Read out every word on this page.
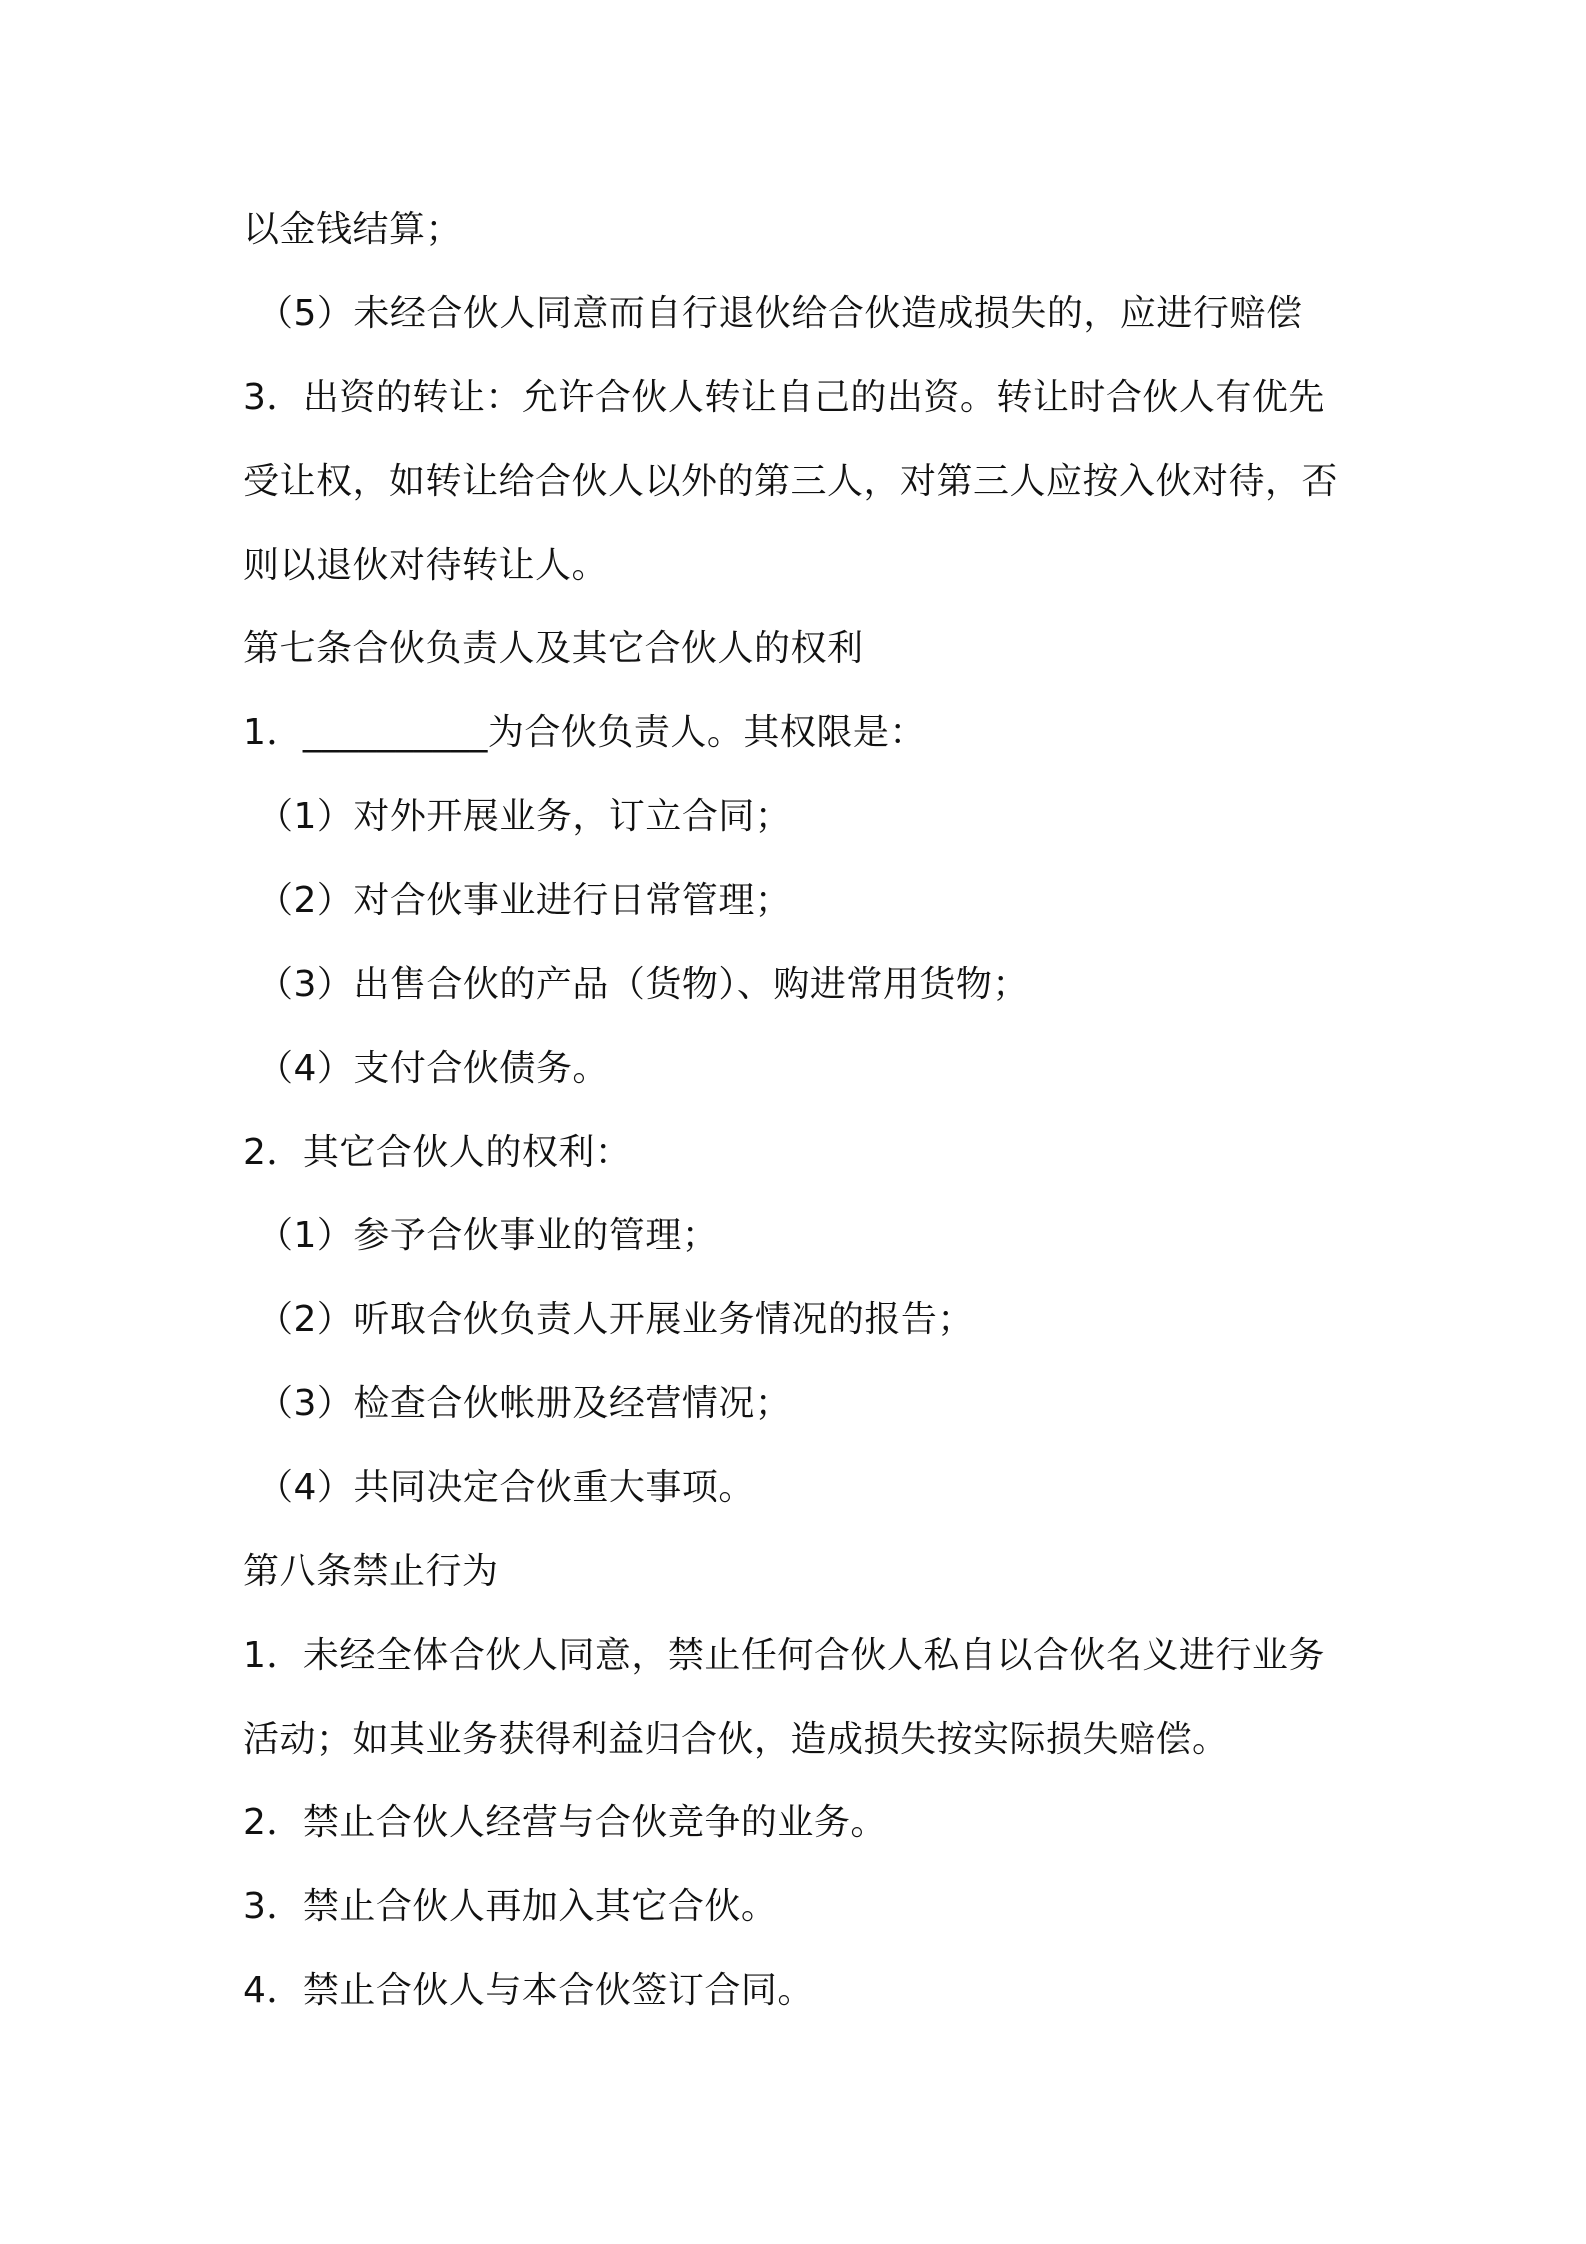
以金钱结算；
（5）未经合伙人同意而自行退伙给合伙造成损失的，应进行赔偿
3．出资的转让：允许合伙人转让自己的出资。转让时合伙人有优先
受让权，如转让给合伙人以外的第三人，对第三人应按入伙对待，否
则以退伙对待转让人。
第七条合伙负责人及其它合伙人的权利
1．__________为合伙负责人。其权限是：
（1）对外开展业务，订立合同；
（2）对合伙事业进行日常管理；
（3）出售合伙的产品（货物）、购进常用货物；
（4）支付合伙债务。
2．其它合伙人的权利：
（1）参予合伙事业的管理；
（2）听取合伙负责人开展业务情况的报告；
（3）检查合伙帐册及经营情况；
（4）共同决定合伙重大事项。
第八条禁止行为
1．未经全体合伙人同意，禁止任何合伙人私自以合伙名义进行业务
活动；如其业务获得利益归合伙，造成损失按实际损失赔偿。
2．禁止合伙人经营与合伙竞争的业务。
3．禁止合伙人再加入其它合伙。
4．禁止合伙人与本合伙签订合同。
